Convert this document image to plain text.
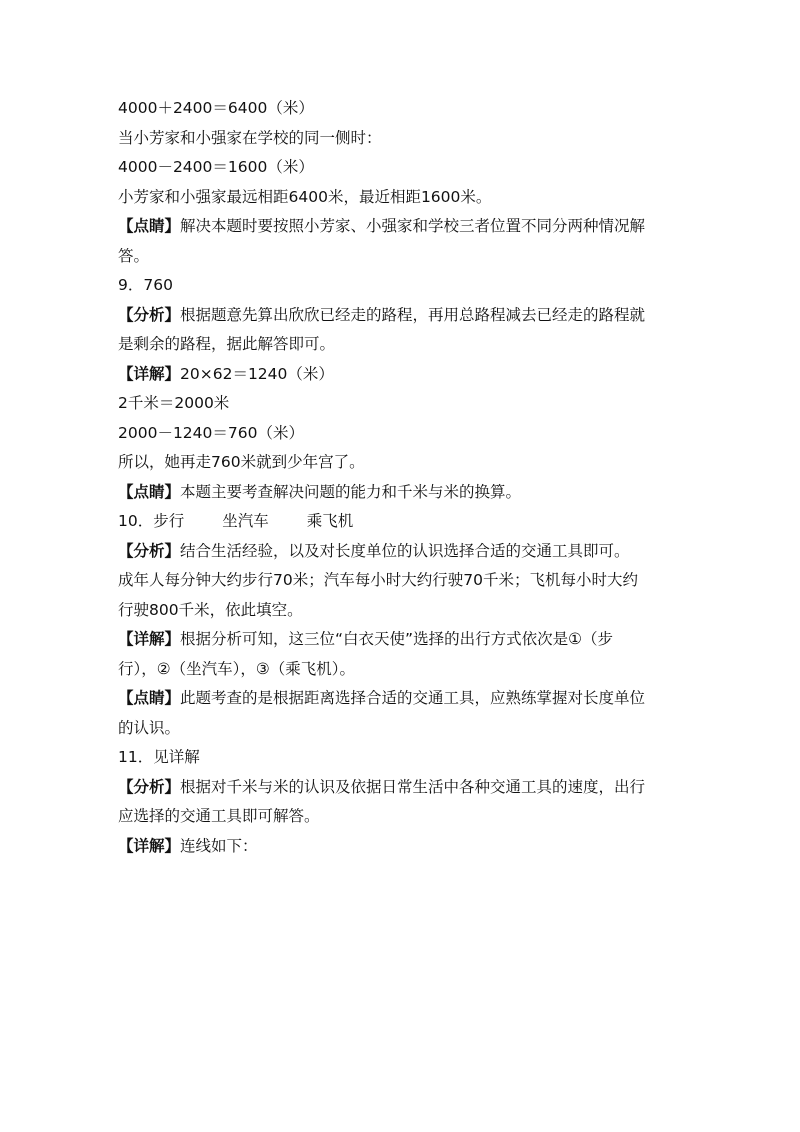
4000＋2400＝6400（米）
当小芳家和小强家在学校的同一侧时：
4000－2400＝1600（米）
小芳家和小强家最远相距6400米，最近相距1600米。
【点睛】解决本题时要按照小芳家、小强家和学校三者位置不同分两种情况解
答。
9．760
【分析】根据题意先算出欣欣已经走的路程，再用总路程减去已经走的路程就
是剩余的路程，据此解答即可。
【详解】20×62＝1240（米）
2千米＝2000米
2000－1240＝760（米）
所以，她再走760米就到少年宫了。
【点睛】本题主要考查解决问题的能力和千米与米的换算。
10．步行 坐汽车 乘飞机
【分析】结合生活经验，以及对长度单位的认识选择合适的交通工具即可。
成年人每分钟大约步行70米；汽车每小时大约行驶70千米；飞机每小时大约
行驶800千米，依此填空。
【详解】根据分析可知，这三位“白衣天使”选择的出行方式依次是①（步
行），②（坐汽车），③（乘飞机）。
【点睛】此题考查的是根据距离选择合适的交通工具，应熟练掌握对长度单位
的认识。
11．见详解
【分析】根据对千米与米的认识及依据日常生活中各种交通工具的速度，出行
应选择的交通工具即可解答。
【详解】连线如下：
